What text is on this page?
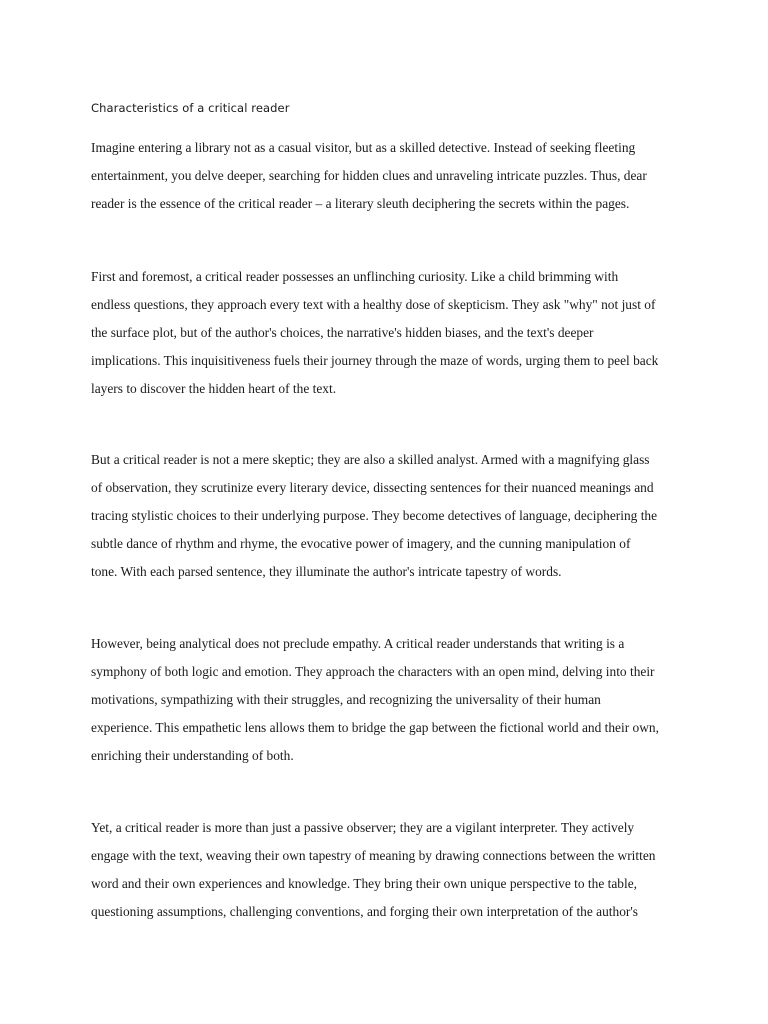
Characteristics of a critical reader
Imagine entering a library not as a casual visitor, but as a skilled detective. Instead of seeking fleeting
entertainment, you delve deeper, searching for hidden clues and unraveling intricate puzzles. Thus, dear
reader is the essence of the critical reader – a literary sleuth deciphering the secrets within the pages.
First and foremost, a critical reader possesses an unflinching curiosity. Like a child brimming with
endless questions, they approach every text with a healthy dose of skepticism. They ask "why" not just of
the surface plot, but of the author's choices, the narrative's hidden biases, and the text's deeper
implications. This inquisitiveness fuels their journey through the maze of words, urging them to peel back
layers to discover the hidden heart of the text.
But a critical reader is not a mere skeptic; they are also a skilled analyst. Armed with a magnifying glass
of observation, they scrutinize every literary device, dissecting sentences for their nuanced meanings and
tracing stylistic choices to their underlying purpose. They become detectives of language, deciphering the
subtle dance of rhythm and rhyme, the evocative power of imagery, and the cunning manipulation of
tone. With each parsed sentence, they illuminate the author's intricate tapestry of words.
However, being analytical does not preclude empathy. A critical reader understands that writing is a
symphony of both logic and emotion. They approach the characters with an open mind, delving into their
motivations, sympathizing with their struggles, and recognizing the universality of their human
experience. This empathetic lens allows them to bridge the gap between the fictional world and their own,
enriching their understanding of both.
Yet, a critical reader is more than just a passive observer; they are a vigilant interpreter. They actively
engage with the text, weaving their own tapestry of meaning by drawing connections between the written
word and their own experiences and knowledge. They bring their own unique perspective to the table,
questioning assumptions, challenging conventions, and forging their own interpretation of the author's
